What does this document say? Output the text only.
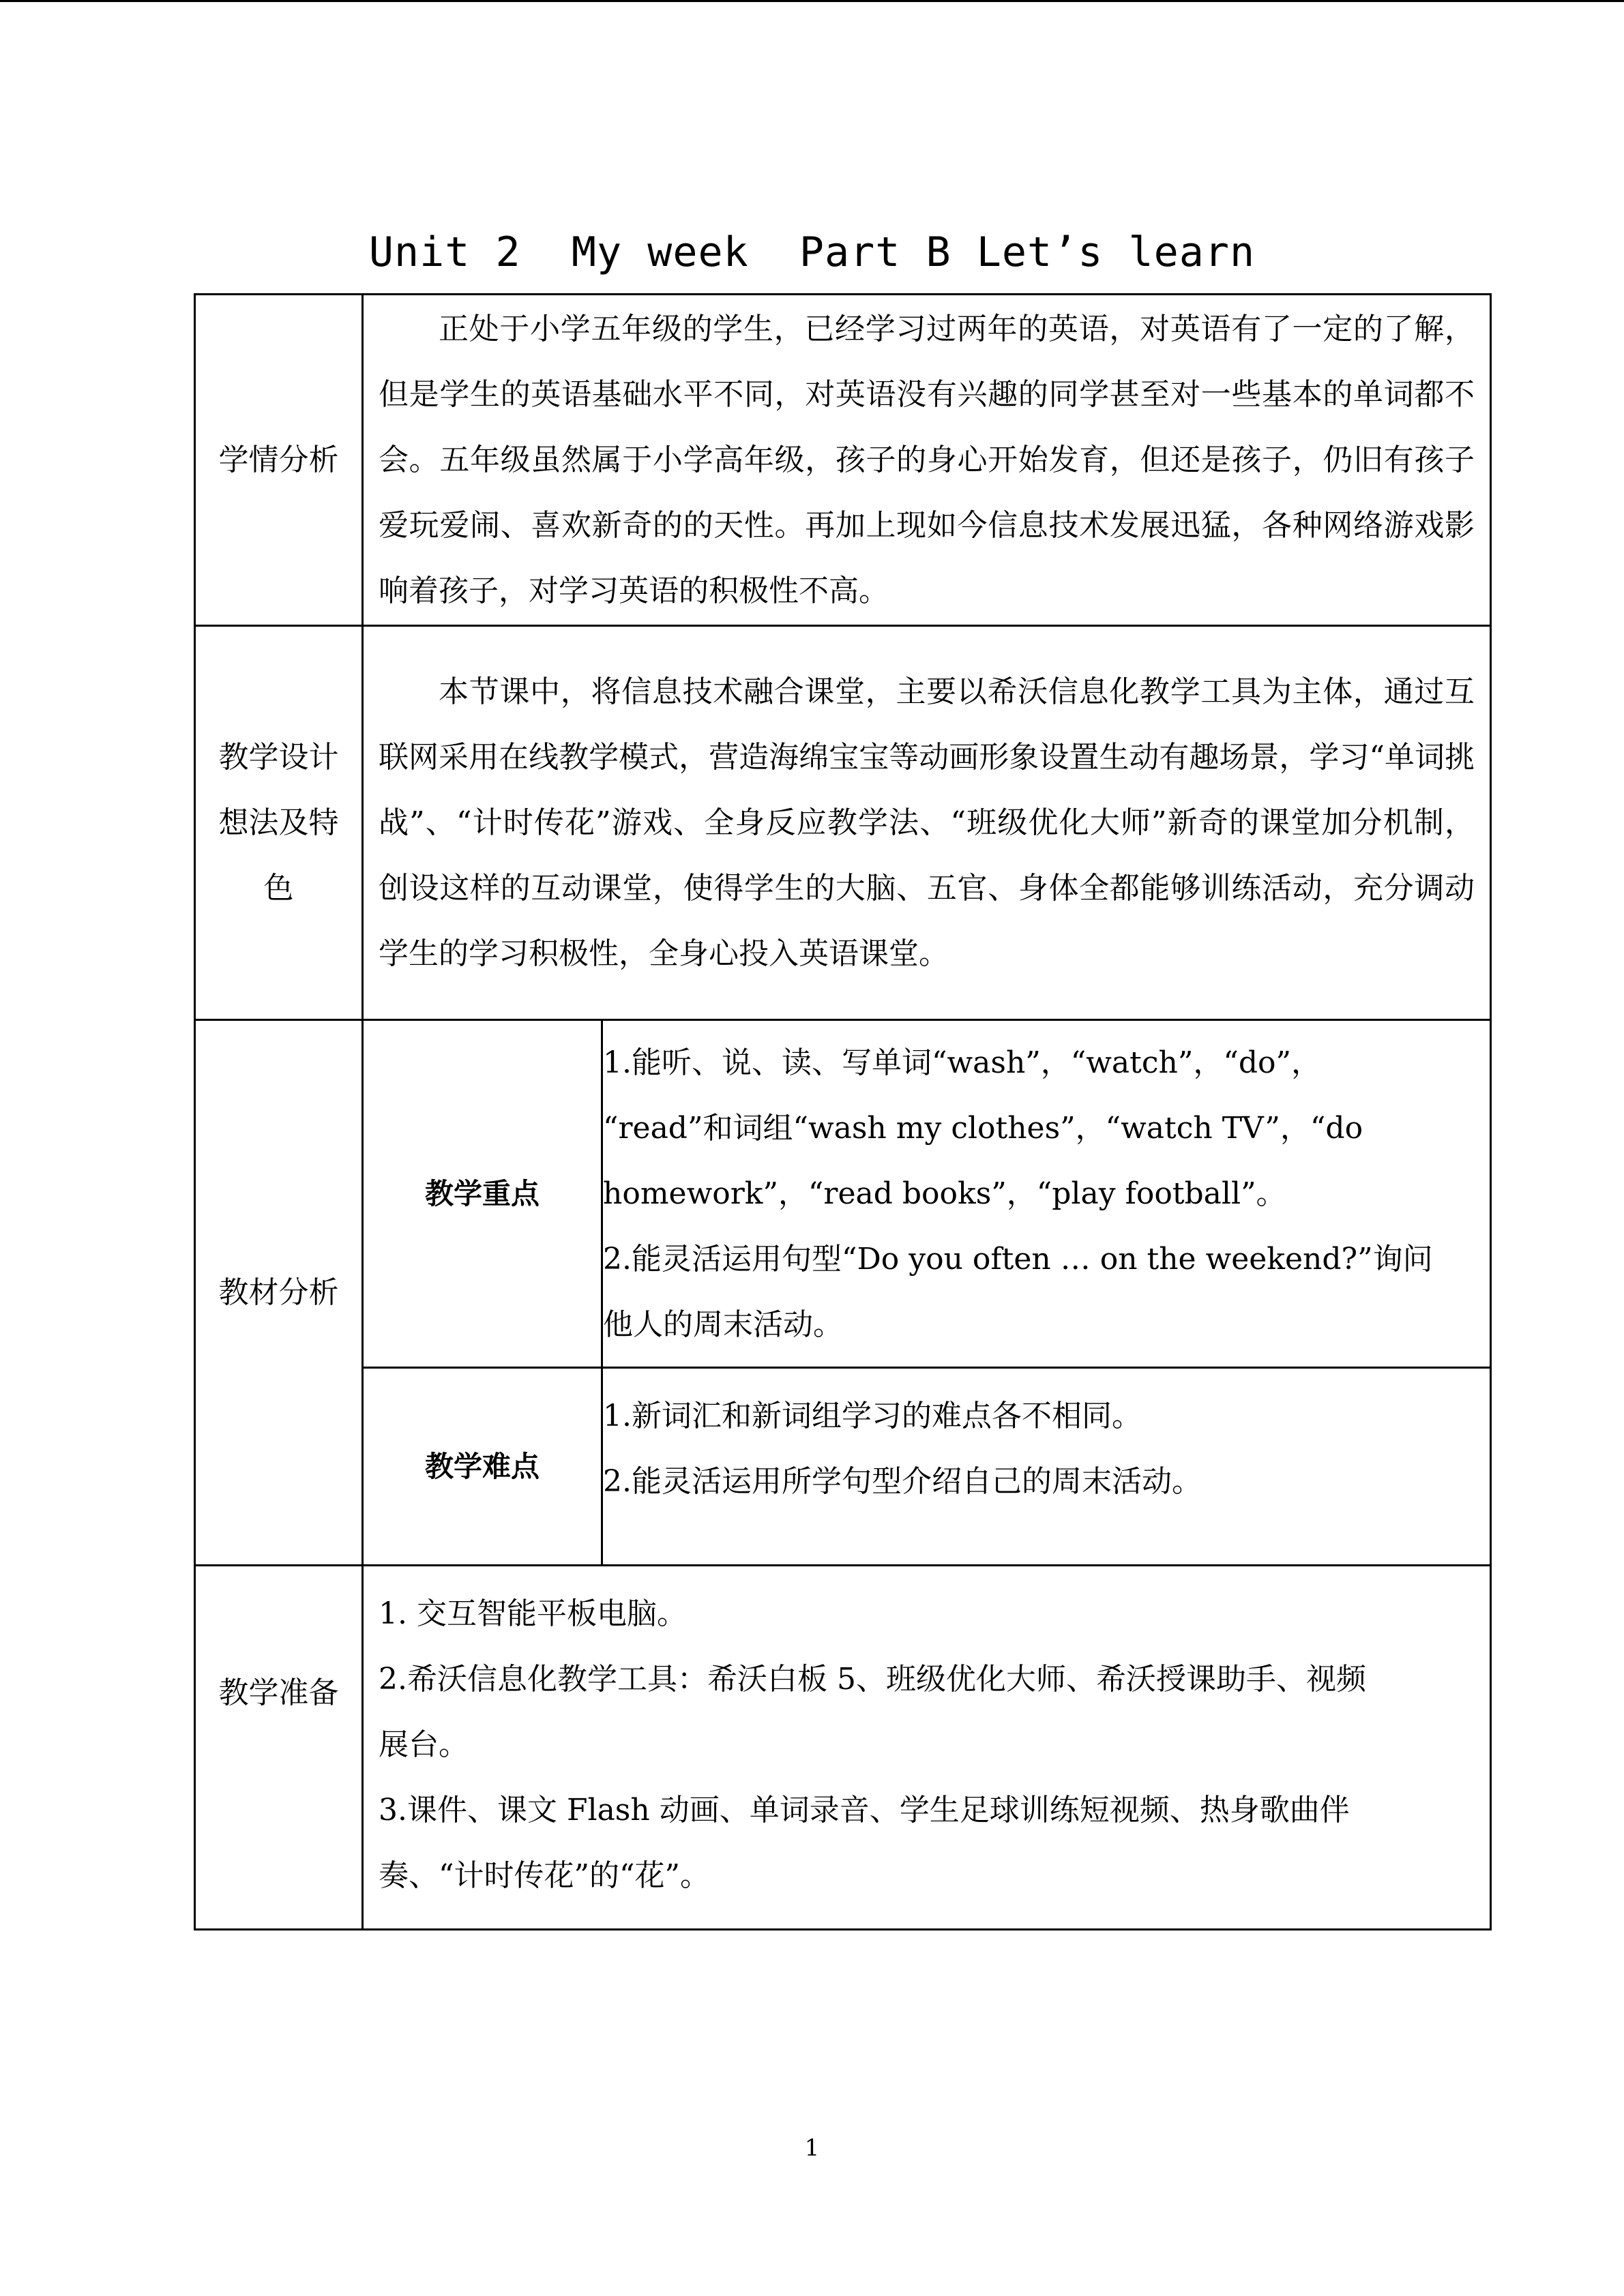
Unit 2  My week  Part B Let’s learn
学情分析	正处于小学五年级的学生，已经学习过两年的英语，对英语有了一定的了解，但是学生的英语基础水平不同，对英语没有兴趣的同学甚至对一些基本的单词都不会。五年级虽然属于小学高年级，孩子的身心开始发育，但还是孩子，仍旧有孩子爱玩爱闹、喜欢新奇的的天性。再加上现如今信息技术发展迅猛，各种网络游戏影响着孩子，对学习英语的积极性不高。	

教学设计
想法及特
色	本节课中，将信息技术融合课堂，主要以希沃信息化教学工具为主体，通过互联网采用在线教学模式，营造海绵宝宝等动画形象设置生动有趣场景，学习“单词挑战”、“计时传花”游戏、全身反应教学法、“班级优化大师”新奇的课堂加分机制，创设这样的互动课堂，使得学生的大脑、五官、身体全都能够训练活动，充分调动学生的学习积极性，全身心投入英语课堂。	

教材分析	教学重点	1.能听、说、读、写单词“wash”，“watch”，“do”，
“read”和词组“wash my clothes”，“watch TV”，“do
homework”，“read books”，“play football”。
2.能灵活运用句型“Do you often … on the weekend?”询问
他人的周末活动。

	教学难点	1.新词汇和新词组学习的难点各不相同。
2.能灵活运用所学句型介绍自己的周末活动。

教学准备	1. 交互智能平板电脑。
2.希沃信息化教学工具：希沃白板 5、班级优化大师、希沃授课助手、视频
展台。
3.课件、课文 Flash 动画、单词录音、学生足球训练短视频、热身歌曲伴
奏、“计时传花”的“花”。	
1
